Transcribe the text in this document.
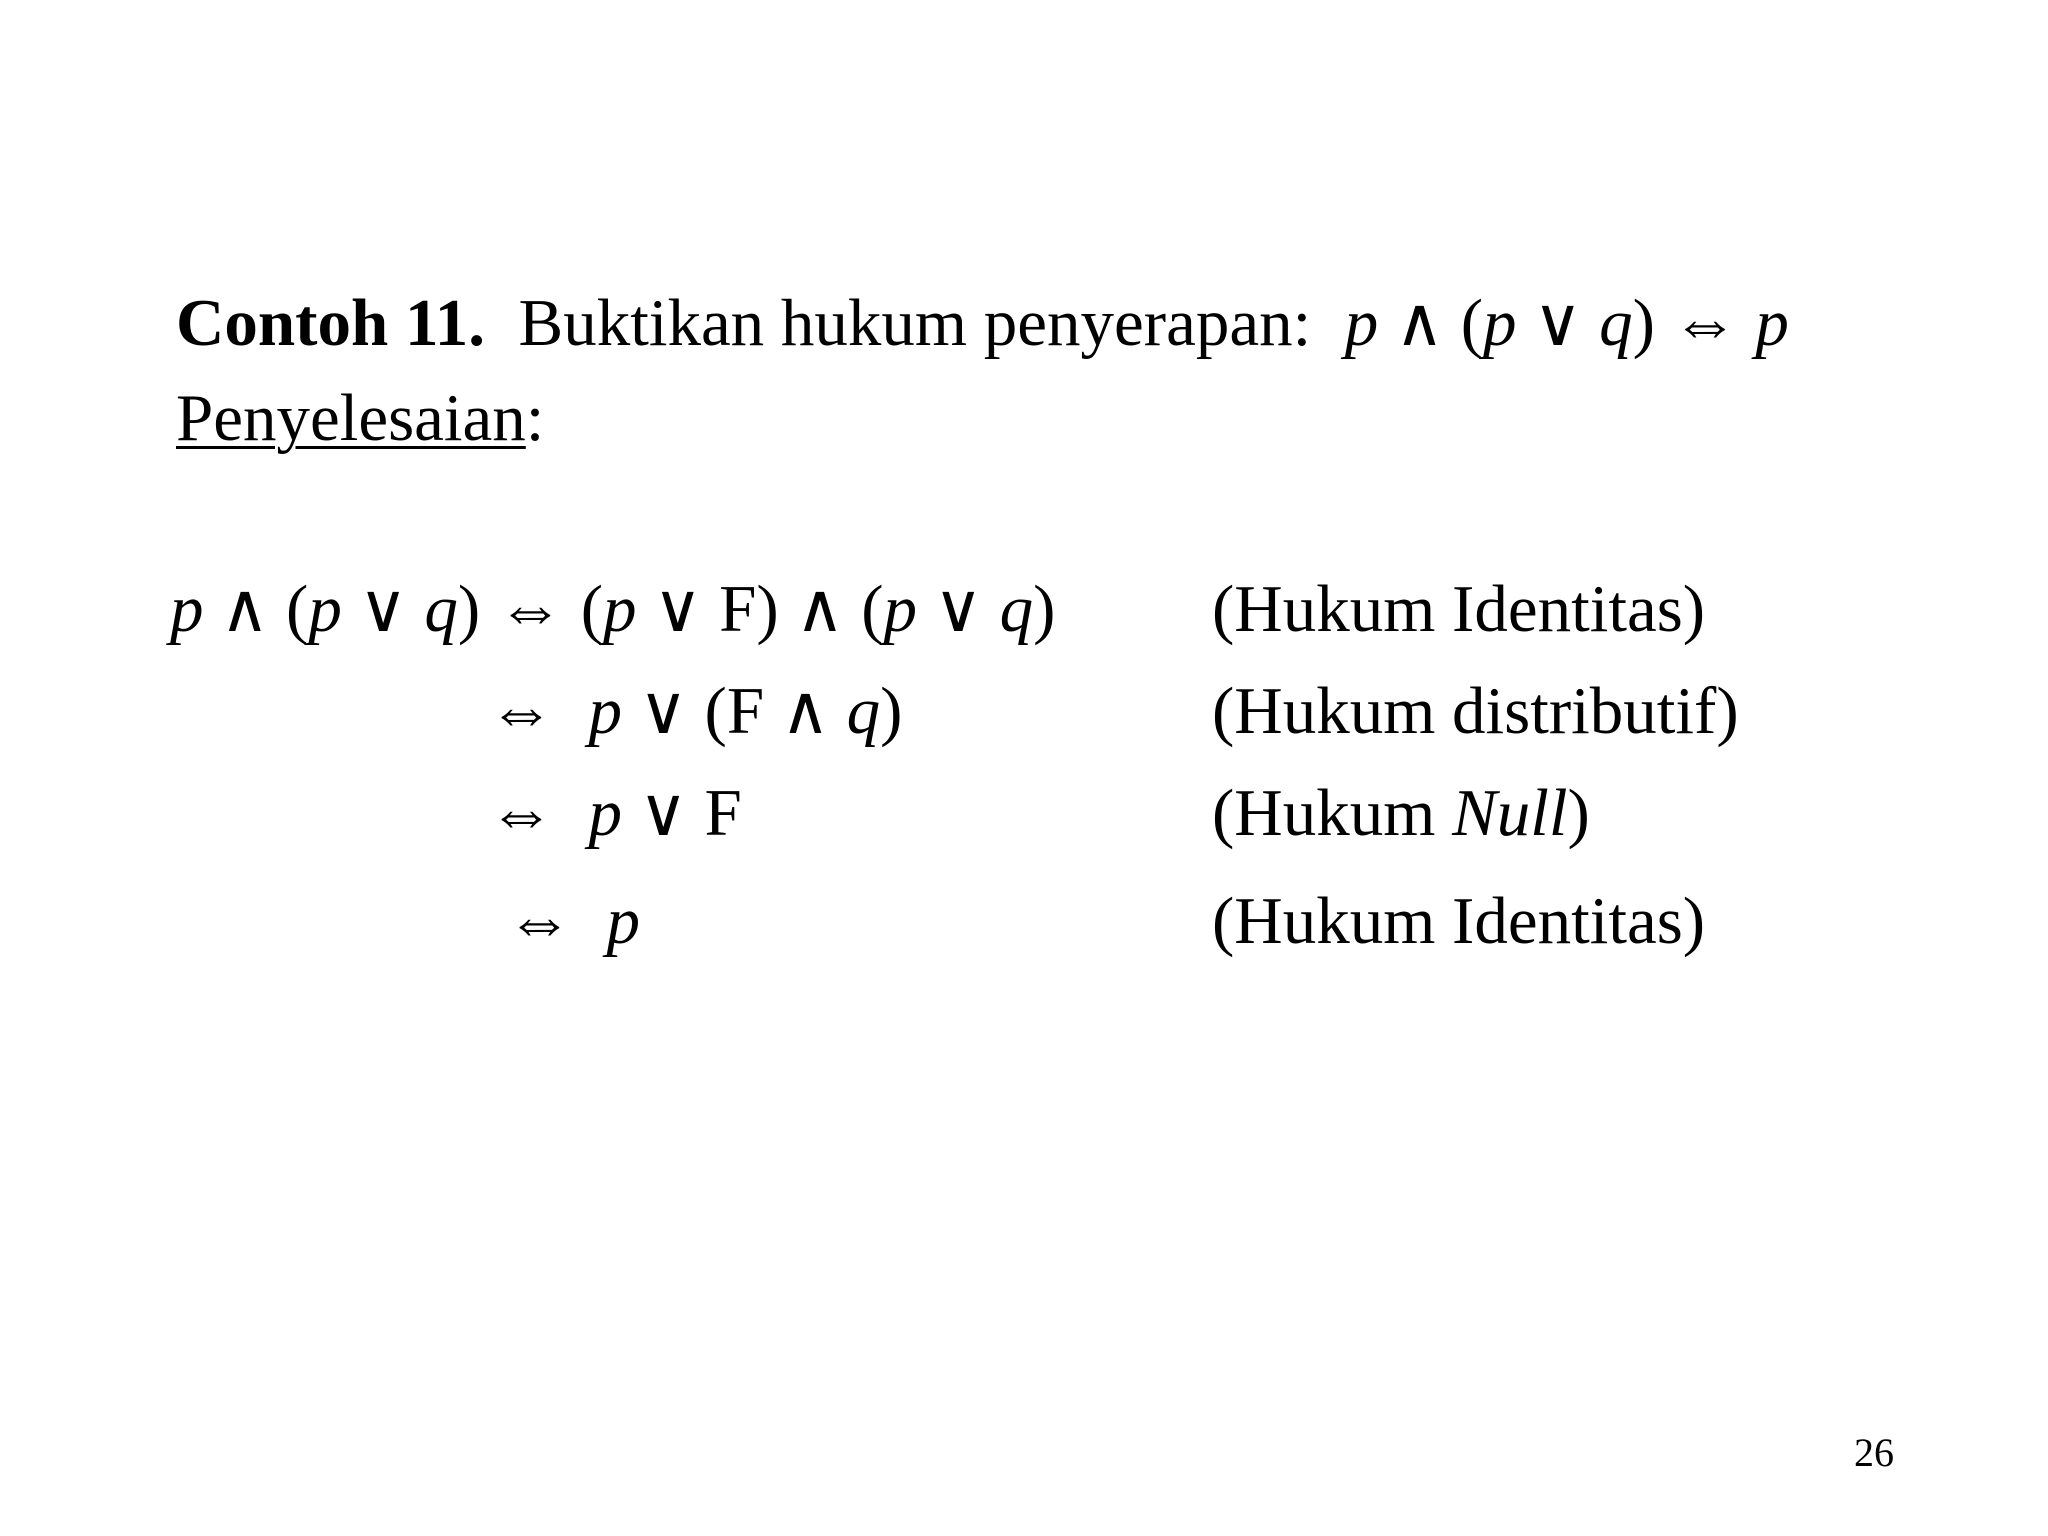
Contoh 11. Buktikan hukum penyerapan: p ∧ (p ∨ q) ⇔ p
Penyelesaian:
p ∧ (p ∨ q) ⇔ (p ∨ F) ∧ (p ∨ q) (Hukum Identitas)
⇔ p ∨ (F ∧ q)	(Hukum distributif)
⇔ p ∨ F	(Hukum Null)
⇔ p	(Hukum Identitas)
26
